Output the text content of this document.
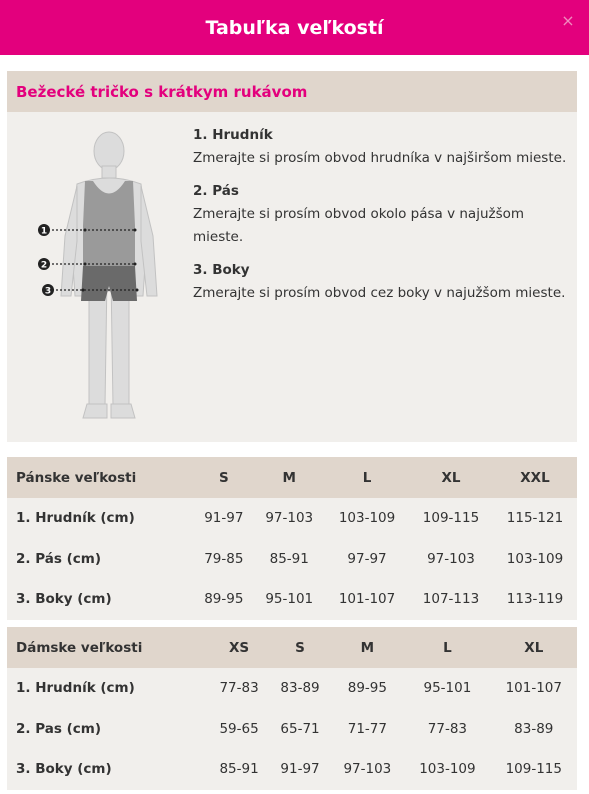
Tabuľka veľkostí	×
Bežecké tričko s krátkym rukávom
1
2
3
1. Hrudník
Zmerajte si prosím obvod hrudníka v najširšom mieste.
2. Pás
Zmerajte si prosím obvod okolo pása v najužšom mieste.
3. Boky
Zmerajte si prosím obvod cez boky v najužšom mieste.
Pánske veľkosti	S	M	L	XL	XXL
1. Hrudník (cm)	91-97	97-103	103-109	109-115	115-121
2. Pás (cm)	79-85	85-91	97-97	97-103	103-109
3. Boky (cm)	89-95	95-101	101-107	107-113	113-119
Dámske veľkosti	XS	S	M	L	XL
1. Hrudník (cm)	77-83	83-89	89-95	95-101	101-107
2. Pas (cm)	59-65	65-71	71-77	77-83	83-89
3. Boky (cm)	85-91	91-97	97-103	103-109	109-115
